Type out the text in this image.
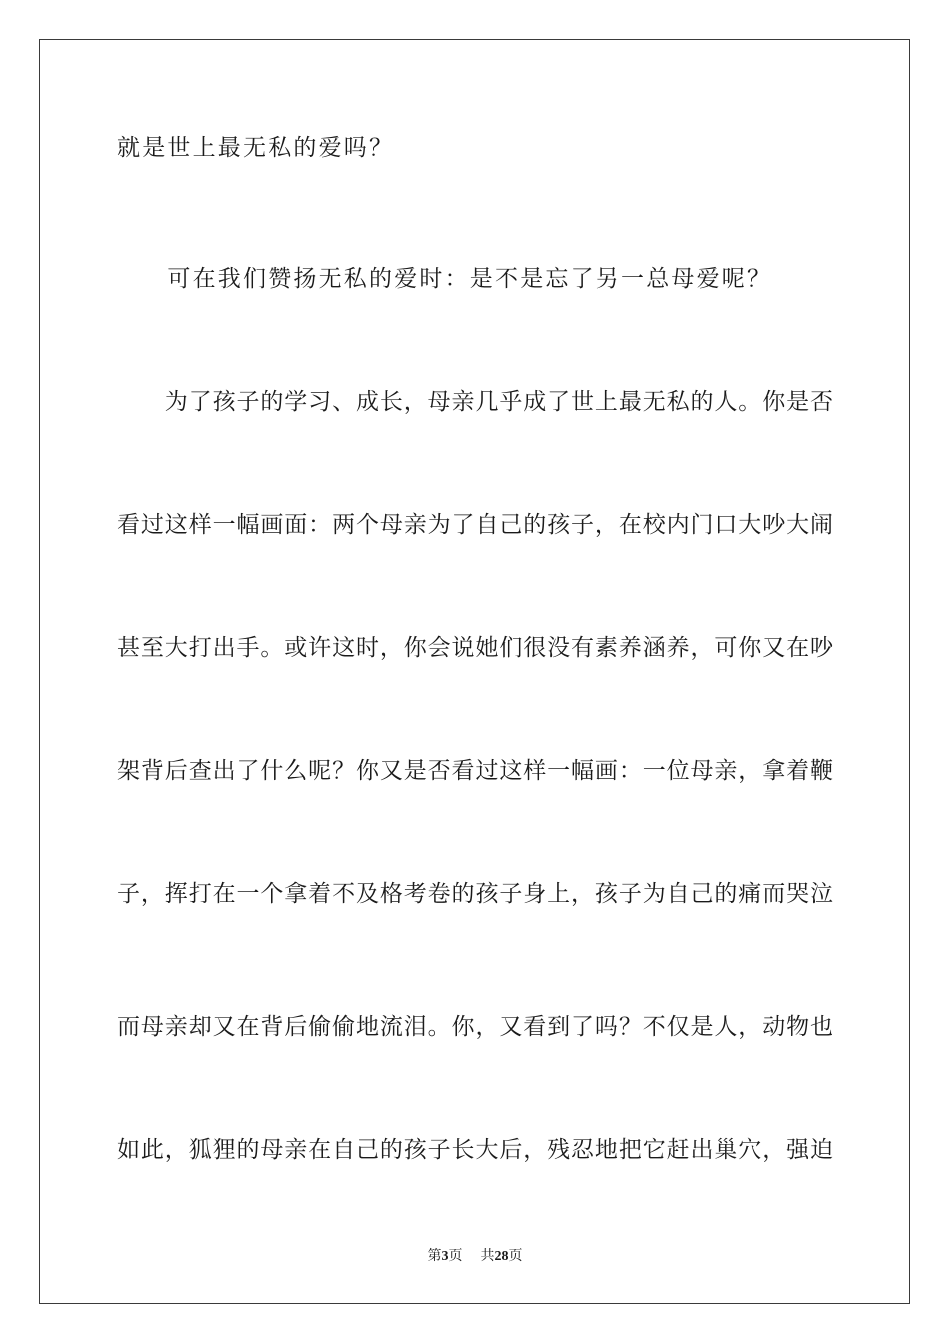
就是世上最无私的爱吗？
　　可在我们赞扬无私的爱时：是不是忘了另一总母爱呢？
　　为了孩子的学习、成长，母亲几乎成了世上最无私的人。你是否
看过这样一幅画面：两个母亲为了自己的孩子，在校内门口大吵大闹
甚至大打出手。或许这时，你会说她们很没有素养涵养，可你又在吵
架背后查出了什么呢？你又是否看过这样一幅画：一位母亲，拿着鞭
子，挥打在一个拿着不及格考卷的孩子身上，孩子为自己的痛而哭泣
而母亲却又在背后偷偷地流泪。你，又看到了吗？不仅是人，动物也
如此，狐狸的母亲在自己的孩子长大后，残忍地把它赶出巢穴，强迫
第3页 共28页
